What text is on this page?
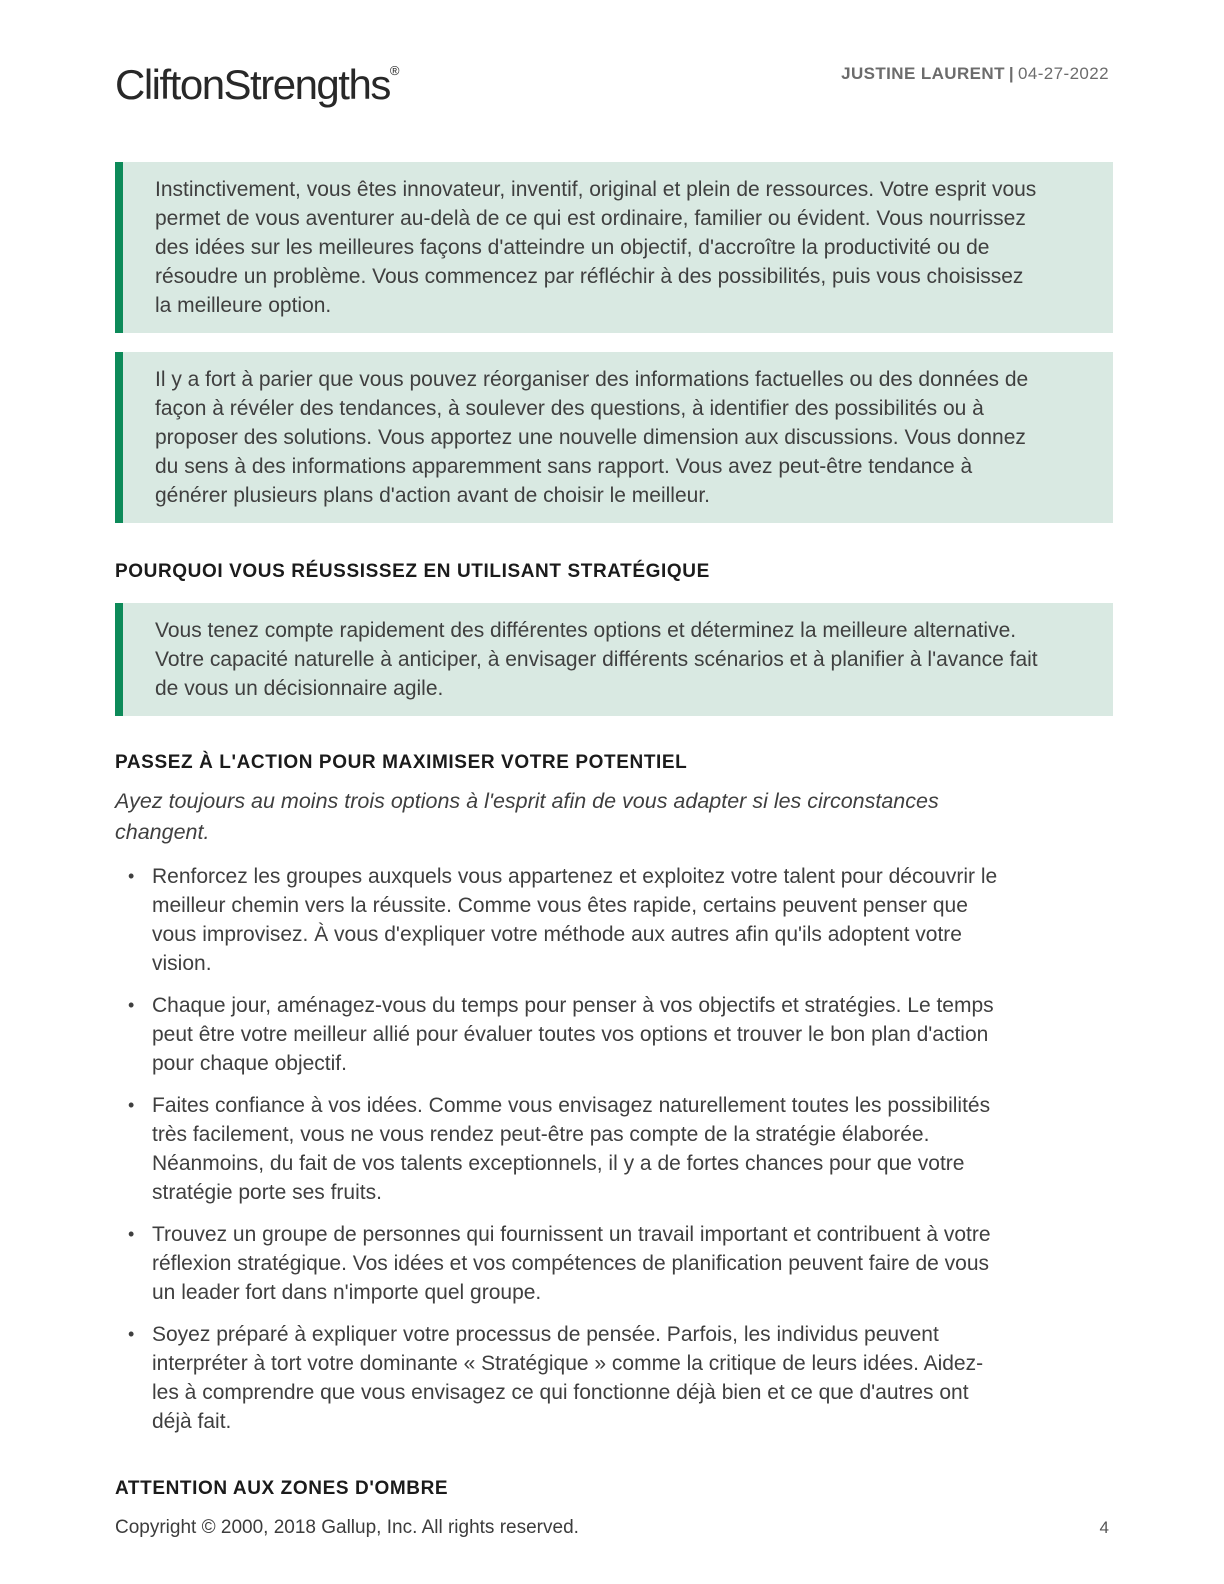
CliftonStrengths®	JUSTINE LAURENT | 04-27-2022
Instinctivement, vous êtes innovateur, inventif, original et plein de ressources. Votre esprit vous permet de vous aventurer au-delà de ce qui est ordinaire, familier ou évident. Vous nourrissez des idées sur les meilleures façons d'atteindre un objectif, d'accroître la productivité ou de résoudre un problème. Vous commencez par réfléchir à des possibilités, puis vous choisissez la meilleure option.
Il y a fort à parier que vous pouvez réorganiser des informations factuelles ou des données de façon à révéler des tendances, à soulever des questions, à identifier des possibilités ou à proposer des solutions. Vous apportez une nouvelle dimension aux discussions. Vous donnez du sens à des informations apparemment sans rapport. Vous avez peut-être tendance à générer plusieurs plans d'action avant de choisir le meilleur.
POURQUOI VOUS RÉUSSISSEZ EN UTILISANT STRATÉGIQUE
Vous tenez compte rapidement des différentes options et déterminez la meilleure alternative. Votre capacité naturelle à anticiper, à envisager différents scénarios et à planifier à l'avance fait de vous un décisionnaire agile.
PASSEZ À L'ACTION POUR MAXIMISER VOTRE POTENTIEL

Ayez toujours au moins trois options à l'esprit afin de vous adapter si les circonstances changent.

• Renforcez les groupes auxquels vous appartenez et exploitez votre talent pour découvrir le meilleur chemin vers la réussite. Comme vous êtes rapide, certains peuvent penser que vous improvisez. À vous d'expliquer votre méthode aux autres afin qu'ils adoptent votre vision.
• Chaque jour, aménagez-vous du temps pour penser à vos objectifs et stratégies. Le temps peut être votre meilleur allié pour évaluer toutes vos options et trouver le bon plan d'action pour chaque objectif.
• Faites confiance à vos idées. Comme vous envisagez naturellement toutes les possibilités très facilement, vous ne vous rendez peut-être pas compte de la stratégie élaborée. Néanmoins, du fait de vos talents exceptionnels, il y a de fortes chances pour que votre stratégie porte ses fruits.
• Trouvez un groupe de personnes qui fournissent un travail important et contribuent à votre réflexion stratégique. Vos idées et vos compétences de planification peuvent faire de vous un leader fort dans n'importe quel groupe.
• Soyez préparé à expliquer votre processus de pensée. Parfois, les individus peuvent interpréter à tort votre dominante « Stratégique » comme la critique de leurs idées. Aidez-les à comprendre que vous envisagez ce qui fonctionne déjà bien et ce que d'autres ont déjà fait.
ATTENTION AUX ZONES D'OMBRE
Copyright © 2000, 2018 Gallup, Inc. All rights reserved.	4
